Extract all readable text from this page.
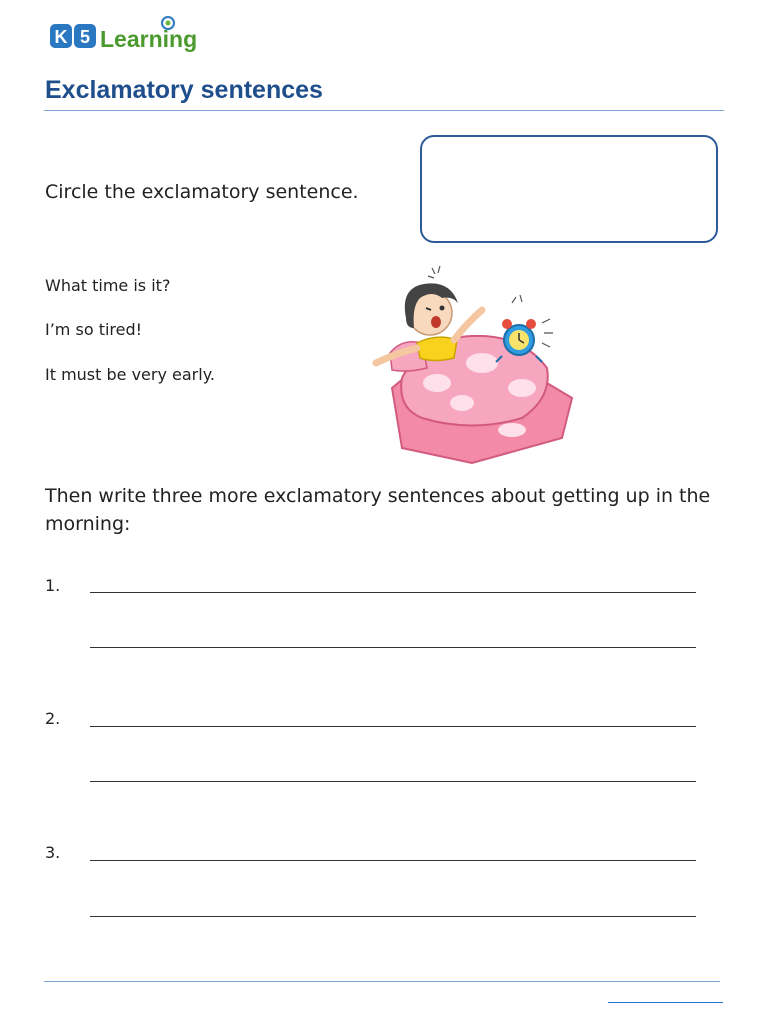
K 5 Learning
Exclamatory sentences

Circle the exclamatory sentence.

What time is it?
I’m so tired!
It must be very early.

Then write three more exclamatory sentences about getting up in the morning:

1.
2.
3.
